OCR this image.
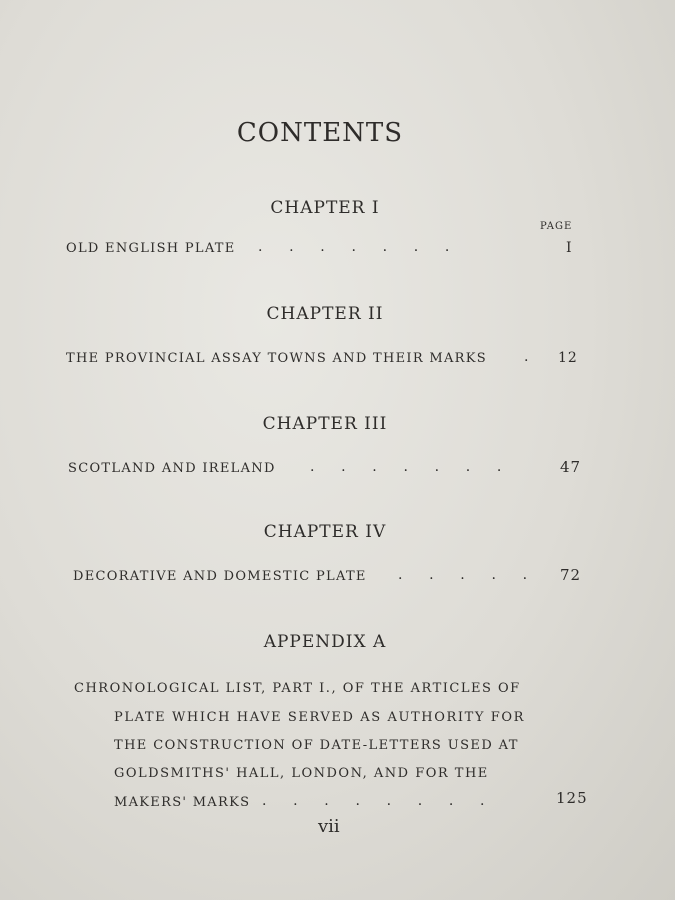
CONTENTS
CHAPTER I
PAGE
OLD ENGLISH PLATE .      .      .      .      .      .      .	I
CHAPTER II
THE PROVINCIAL ASSAY TOWNS AND THEIR MARKS	. 12
CHAPTER III
SCOTLAND AND IRELAND .      .      .      .      .      .      .	47
CHAPTER IV
DECORATIVE AND DOMESTIC PLATE .      .      .      .      . 72
APPENDIX A
CHRONOLOGICAL LIST, PART I., OF THE ARTICLES OF
PLATE WHICH HAVE SERVED AS AUTHORITY FOR
THE CONSTRUCTION OF DATE-LETTERS USED AT
GOLDSMITHS' HALL, LONDON, AND FOR THE
MAKERS' MARKS .      .      .      .      .      .      .      .	125
vii
